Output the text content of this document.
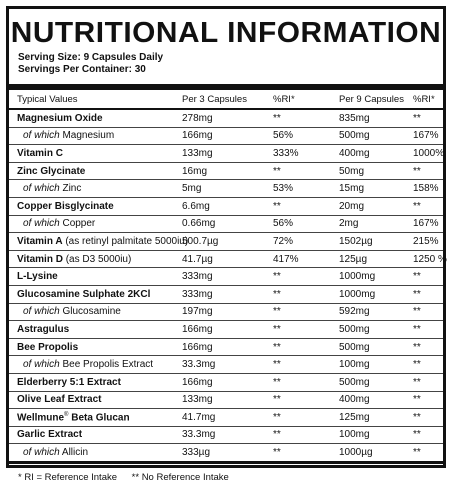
NUTRITIONAL INFORMATION
Serving Size: 9 Capsules Daily
Servings Per Container: 30
Typical Values	Per 3 Capsules	%RI*	Per 9 Capsules	%RI*

Magnesium Oxide	278mg	**	835mg	**
of which Magnesium	166mg	56%	500mg	167%
Vitamin C	133mg	333%	400mg	1000%
Zinc Glycinate	16mg	**	50mg	**
of which Zinc	5mg	53%	15mg	158%
Copper Bisglycinate	6.6mg	**	20mg	**
of which Copper	0.66mg	56%	2mg	167%
Vitamin A (as retinyl palmitate 5000iu)	500.7µg	72%	1502µg	215%
Vitamin D (as D3 5000iu)	41.7µg	417%	125µg	1250 %
L-Lysine	333mg	**	1000mg	**
Glucosamine Sulphate 2KCl	333mg	**	1000mg	**
of which Glucosamine	197mg	**	592mg	**
Astragulus	166mg	**	500mg	**
Bee Propolis	166mg	**	500mg	**
of which Bee Propolis Extract	33.3mg	**	100mg	**
Elderberry 5:1 Extract	166mg	**	500mg	**
Olive Leaf Extract	133mg	**	400mg	**
Wellmune® Beta Glucan	41.7mg	**	125mg	**
Garlic Extract	33.3mg	**	100mg	**
of which Allicin	333µg	**	1000µg	**
* RI = Reference Intake ** No Reference Intake
